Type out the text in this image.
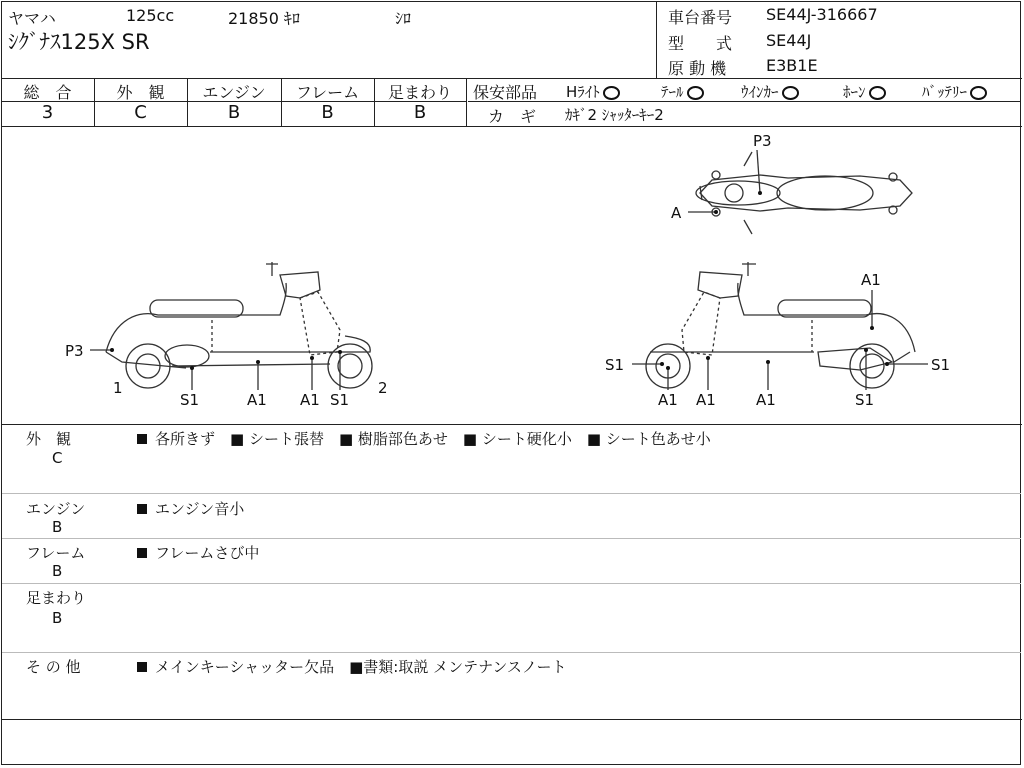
ヤマハ	125cc	21850 ｷﾛ	ｼﾛ
ｼｸﾞﾅｽ125X SR
車台番号 SE44J-316667
型　　式 SE44J
原 動 機 E3B1E
総　合	外　観	エンジン	フレーム	足まわり
3	C	B	B	B
保安部品 Hﾗｲﾄ	ﾃｰﾙ	ｳｲﾝｶｰ	ﾎｰﾝ	ﾊﾞｯﾃﾘｰ
カ　ギ ｶｷﾞ2 ｼｬｯﾀｰｷｰ2
P3
A
P3
1	2
S1	A1 A1 S1
A1
S1	S1
S1
A1 A1	A1
外　観
C
各所きず　■ シート張替　■ 樹脂部色あせ　■ シート硬化小　■ シート色あせ小
エンジン
B
エンジン音小
フレーム
B
フレームさび中
足まわり
B
そ の 他	メインキーシャッター欠品　■書類:取説 メンテナンスノート
